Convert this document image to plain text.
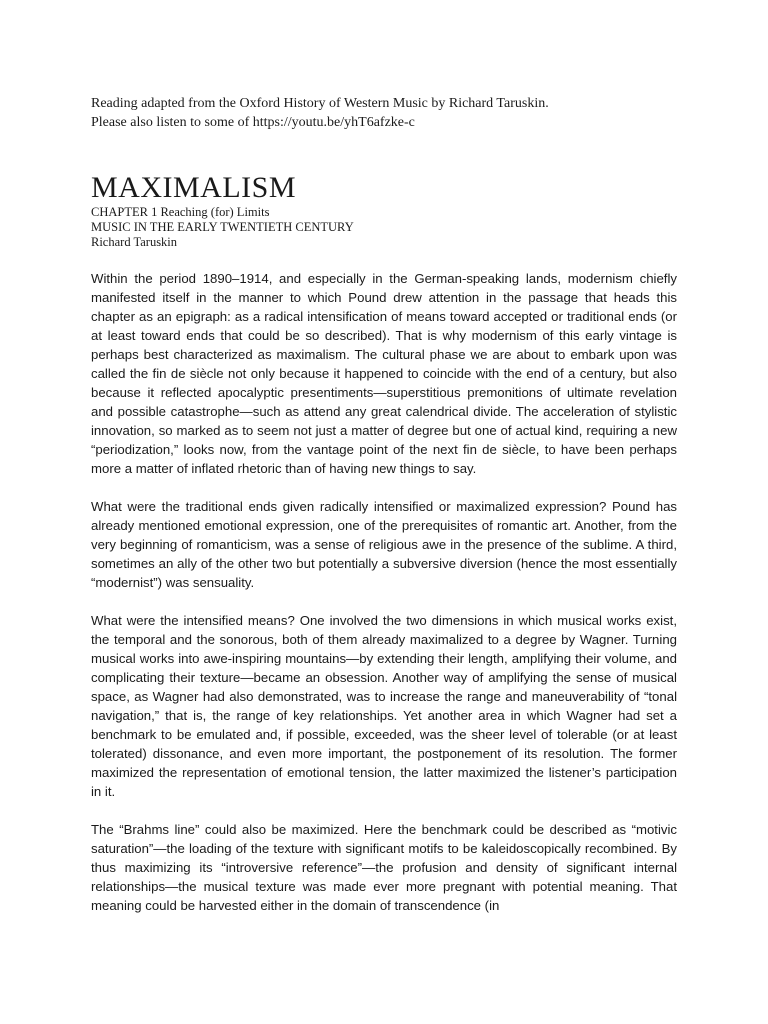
Reading adapted from the Oxford History of Western Music by Richard Taruskin.

Please also listen to some of https://youtu.be/yhT6afzke-c

MAXIMALISM

CHAPTER 1 Reaching (for) Limits

MUSIC IN THE EARLY TWENTIETH CENTURY

Richard Taruskin

Within the period 1890–1914, and especially in the German-speaking lands, modernism chiefly manifested itself in the manner to which Pound drew attention in the passage that heads this chapter as an epigraph: as a radical intensification of means toward accepted or traditional ends (or at least toward ends that could be so described). That is why modernism of this early vintage is perhaps best characterized as maximalism. The cultural phase we are about to embark upon was called the fin de siècle not only because it happened to coincide with the end of a century, but also because it reflected apocalyptic presentiments—superstitious premonitions of ultimate revelation and possible catastrophe—such as attend any great calendrical divide. The acceleration of stylistic innovation, so marked as to seem not just a matter of degree but one of actual kind, requiring a new “periodization,” looks now, from the vantage point of the next fin de siècle, to have been perhaps more a matter of inflated rhetoric than of having new things to say.

What were the traditional ends given radically intensified or maximalized expression? Pound has already mentioned emotional expression, one of the prerequisites of romantic art. Another, from the very beginning of romanticism, was a sense of religious awe in the presence of the sublime. A third, sometimes an ally of the other two but potentially a subversive diversion (hence the most essentially “modernist”) was sensuality.

What were the intensified means? One involved the two dimensions in which musical works exist, the temporal and the sonorous, both of them already maximalized to a degree by Wagner. Turning musical works into awe-inspiring mountains—by extending their length, amplifying their volume, and complicating their texture—became an obsession. Another way of amplifying the sense of musical space, as Wagner had also demonstrated, was to increase the range and maneuverability of “tonal navigation,” that is, the range of key relationships. Yet another area in which Wagner had set a benchmark to be emulated and, if possible, exceeded, was the sheer level of tolerable (or at least tolerated) dissonance, and even more important, the postponement of its resolution. The former maximized the representation of emotional tension, the latter maximized the listener’s participation in it.

The “Brahms line” could also be maximized. Here the benchmark could be described as “motivic saturation”—the loading of the texture with significant motifs to be kaleidoscopically recombined. By thus maximizing its “introversive reference”—the profusion and density of significant internal relationships—the musical texture was made ever more pregnant with potential meaning. That meaning could be harvested either in the domain of transcendence (in
